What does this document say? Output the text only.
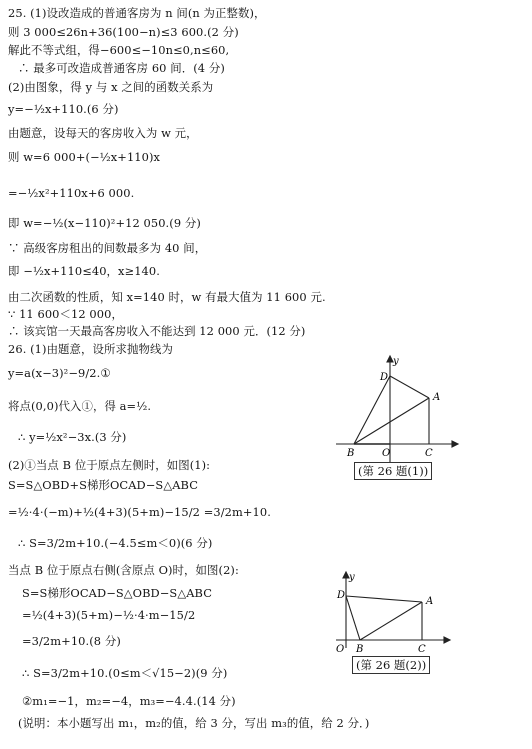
25. (1)设改造成的普通客房为 n 间(n 为正整数)，
则 3 000≤26n+36(100−n)≤3 600.(2 分)
解此不等式组，得−600≤−10n≤0,n≤60,
∴ 最多可改造成普通客房 60 间．(4 分)
(2)由图象，得 y 与 x 之间的函数关系为
y=−½x+110.(6 分)
由题意，设每天的客房收入为 w 元，
则 w=6 000+(−½x+110)x
=−½x²+110x+6 000.
即 w=−½(x−110)²+12 050.(9 分)
∵ 高级客房租出的间数最多为 40 间，
即 −½x+110≤40，x≥140.
由二次函数的性质，知 x=140 时，w 有最大值为 11 600 元.
∵ 11 600＜12 000，
∴ 该宾馆一天最高客房收入不能达到 12 000 元．(12 分)
26. (1)由题意，设所求抛物线为
y=a(x−3)²−9/2.①
将点(0,0)代入①，得 a=½.
∴ y=½x²−3x.(3 分)
(2)①当点 B 位于原点左侧时，如图(1):
S=S△OBD+S梯形OCAD−S△ABC
=½·4·(−m)+½(4+3)(5+m)−15/2 =3/2m+10.
∴ S=3/2m+10.(−4.5≤m＜0)(6 分)
当点 B 位于原点右侧(含原点 O)时，如图(2):
S=S梯形OCAD−S△OBD−S△ABC
=½(4+3)(5+m)−½·4·m−15/2
=3/2m+10.(8 分)
∴ S=3/2m+10.(0≤m＜√15−2)(9 分)
②m₁=−1，m₂=−4，m₃=−4.4.(14 分)
(说明：本小题写出 m₁，m₂的值，给 3 分，写出 m₃的值，给 2 分．)
y
D
A
B	O	C
(第 26 题(1))
y
D
A
O B	C
(第 26 题(2))
